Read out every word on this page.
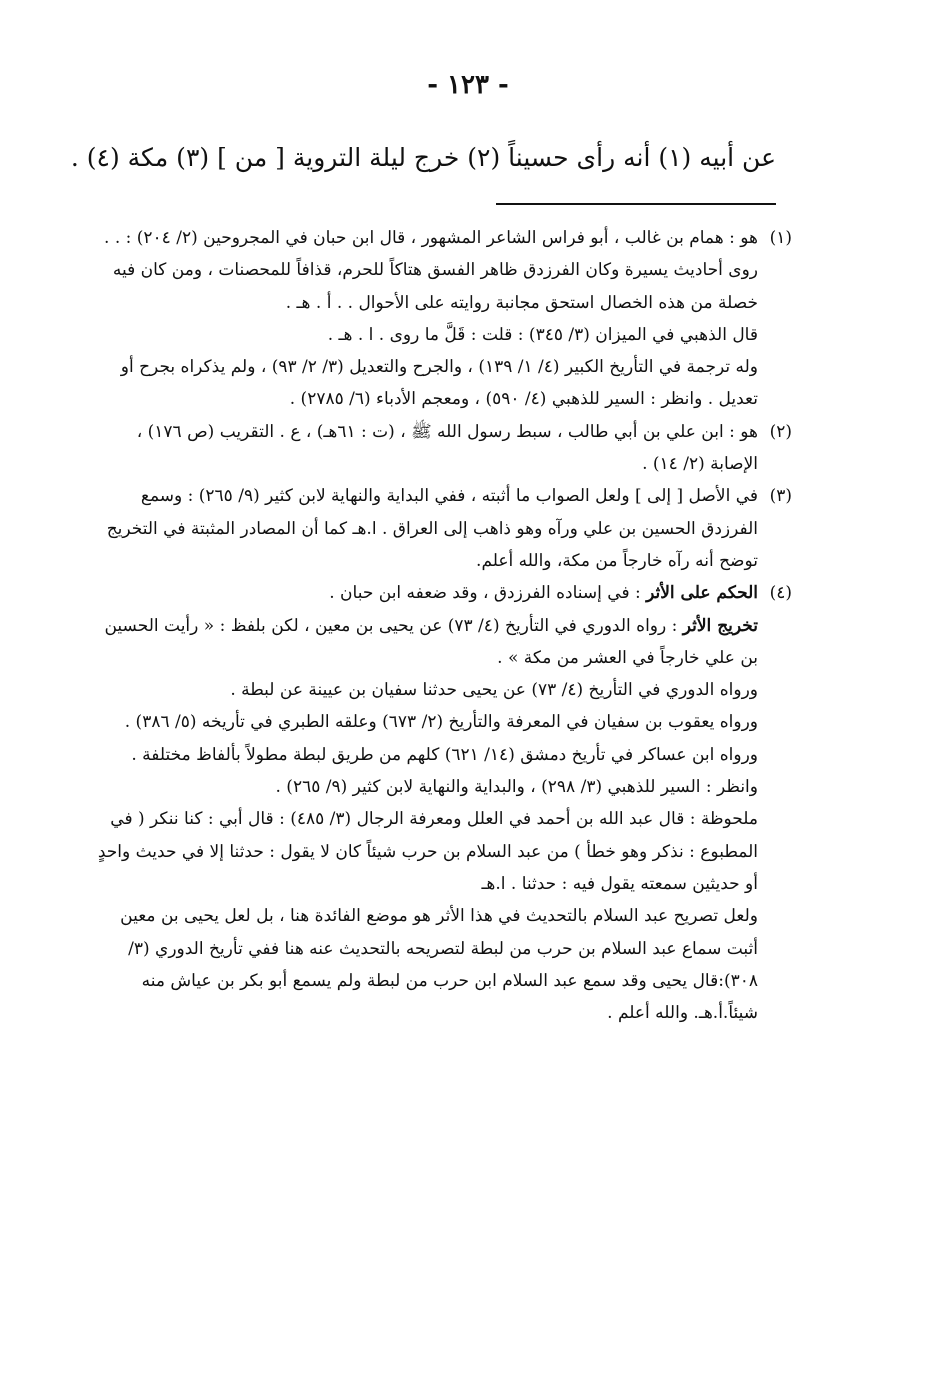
- ١٢٣ -
عن أبيه (١) أنه رأى حسيناً (٢) خرج ليلة التروية [ من ] (٣) مكة (٤) .

(١)هو : همام بن غالب ، أبو فراس الشاعر المشهور ، قال ابن حبان في المجروحين (٢/ ٢٠٤) : . . روى أحاديث يسيرة وكان الفرزدق ظاهر الفسق هتاكاً للحرم، قذافاً للمحصنات ، ومن كان فيه خصلة من هذه الخصال استحق مجانبة روايته على الأحوال . . أ . هـ .

قال الذهبي في الميزان (٣/ ٣٤٥) : قلت : قَلَّ ما روى . ا . هـ .

وله ترجمة في التأريخ الكبير (٤/ ١/ ١٣٩) ، والجرح والتعديل (٣/ ٢/ ٩٣) ، ولم يذكراه بجرح أو تعديل . وانظر : السير للذهبي (٤/ ٥٩٠) ، ومعجم الأدباء (٦/ ٢٧٨٥) .

(٢)هو : ابن علي بن أبي طالب ، سبط رسول الله ﷺ ، (ت : ٦١هـ) ، ع . التقريب (ص ١٧٦) ، الإصابة (٢/ ١٤) .

(٣)في الأصل [ إلى ] ولعل الصواب ما أثبته ، ففي البداية والنهاية لابن كثير (٩/ ٢٦٥) : وسمع الفرزدق الحسين بن علي ورآه وهو ذاهب إلى العراق . ا.هـ كما أن المصادر المثبتة في التخريج توضح أنه رآه خارجاً من مكة، والله أعلم.

(٤)الحكم على الأثر : في إسناده الفرزدق ، وقد ضعفه ابن حبان .

تخريج الأثر : رواه الدوري في التأريخ (٤/ ٧٣) عن يحيى بن معين ، لكن بلفظ : « رأيت الحسين بن علي خارجاً في العشر من مكة » .

ورواه الدوري في التأريخ (٤/ ٧٣) عن يحيى حدثنا سفيان بن عيينة عن لبطة .

ورواه يعقوب بن سفيان في المعرفة والتأريخ (٢/ ٦٧٣) وعلقه الطبري في تأريخه (٥/ ٣٨٦) .

ورواه ابن عساكر في تأريخ دمشق (١٤/ ٦٢١) كلهم من طريق لبطة مطولاً بألفاظ مختلفة .

وانظر : السير للذهبي (٣/ ٢٩٨) ، والبداية والنهاية لابن كثير (٩/ ٢٦٥) .

ملحوظة : قال عبد الله بن أحمد في العلل ومعرفة الرجال (٣/ ٤٨٥) : قال أبي : كنا ننكر ( في المطبوع : نذكر وهو خطأ ) من عبد السلام بن حرب شيئاً كان لا يقول : حدثنا إلا في حديث واحدٍ أو حديثين سمعته يقول فيه : حدثنا . ا.هـ

ولعل تصريح عبد السلام بالتحديث في هذا الأثر هو موضع الفائدة هنا ، بل لعل يحيى بن معين أثبت سماع عبد السلام بن حرب من لبطة لتصريحه بالتحديث عنه هنا ففي تأريخ الدوري (٣/ ٣٠٨):قال يحيى وقد سمع عبد السلام ابن حرب من لبطة ولم يسمع أبو بكر بن عياش منه شيئاً.أ.هـ. والله أعلم .
